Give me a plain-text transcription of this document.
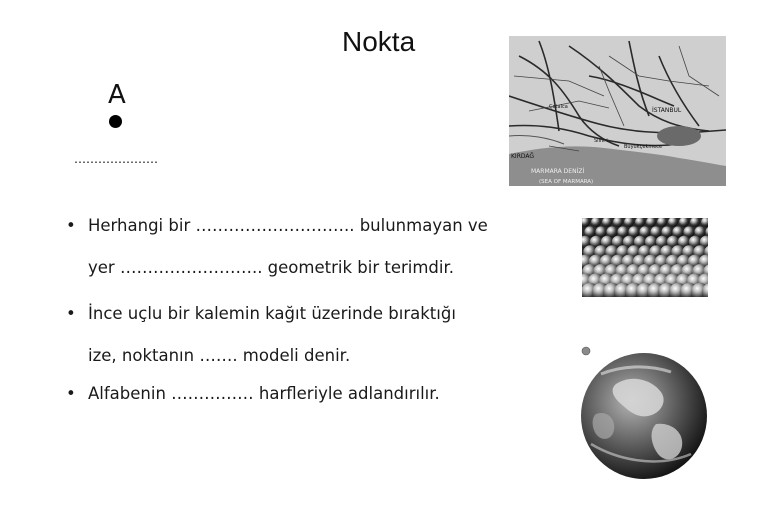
Nokta
A
…………………
• Herhangi bir ……………………….. bulunmayan ve
yer …………………….. geometrik bir terimdir.
• İnce uçlu bir kalemin kağıt üzerinde bıraktığı
ize, noktanın ……. modeli denir.
• Alfabenin …………… harfleriyle adlandırılır.
İSTANBUL
Çatalca
Silivri
Büyükçekmece
KIRDAĞ
MARMARA DENİZİ
(SEA OF MARMARA)
